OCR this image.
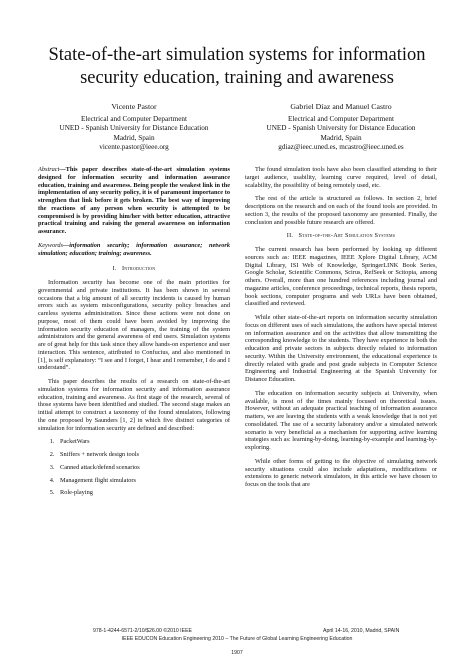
State-of-the-art simulation systems for information security education, training and awareness
Vicente Pastor
Electrical and Computer Department
UNED - Spanish University for Distance Education
Madrid, Spain
vicente.pastor@ieee.org
Gabriel Díaz and Manuel Castro
Electrical and Computer Department
UNED - Spanish University for Distance Education
Madrid, Spain
gdiaz@ieec.uned.es, mcastro@ieec.uned.es

Abstract—This paper describes state-of-the-art simulation systems designed for information security and information assurance education, training and awareness. Being people the weakest link in the implementation of any security policy, it is of paramount importance to strengthen that link before it gets broken. The best way of improving the reactions of any person when security is attempted to be compromised is by providing him/her with better education, attractive practical training and raising the general awareness on information assurance.

Keywords—information security; information assurance; network simulation; education; training; awareness.

I. Introduction

Information security has become one of the main priorities for governmental and private institutions. It has been shown in several occasions that a big amount of all security incidents is caused by human errors such as system misconfigurations, security policy breaches and careless systems administration. Since these actions were not done on purpose, most of them could have been avoided by improving the information security education of managers, the training of the system administrators and the general awareness of end users. Simulation systems are of great help for this task since they allow hands-on experience and user interaction. This sentence, attributed to Confucius, and also mentioned in [1], is self explanatory: “I see and I forget, I hear and I remember, I do and I understand”.

This paper describes the results of a research on state-of-the-art simulation systems for information security and information assurance education, training and awareness. As first stage of the research, several of those systems have been identified and studied. The second stage makes an initial attempt to construct a taxonomy of the found simulators, following the one proposed by Saunders [1, 2] in which five distinct categories of simulation for information security are defined and described:

1. PacketWars
2. Sniffers + network design tools
3. Canned attack/defend scenarios
4. Management flight simulators
5. Role-playing

The found simulation tools have also been classified attending to their target audience, usability, learning curve required, level of detail, scalability, the possibility of being remotely used, etc.

The rest of the article is structured as follows. In section 2, brief descriptions on the research and on each of the found tools are provided. In section 3, the results of the proposed taxonomy are presented. Finally, the conclusion and possible future research are offered.

II. State-of-the-Art Simulation Systems

The current research has been performed by looking up different sources such as: IEEE magazines, IEEE Xplore Digital Library, ACM Digital Library, ISI Web of Knowledge, SpringerLINK Book Series, Google Scholar, Scientific Commons, Scirus, RefSeek or Scitopia, among others. Overall, more than one hundred references including journal and magazine articles, conference proceedings, technical reports, thesis reports, book sections, computer programs and web URLs have been obtained, classified and reviewed.

While other state-of-the-art reports on information security simulation focus on different uses of such simulations, the authors have special interest on information assurance and on the activities that allow transmitting the corresponding knowledge to the students. They have experience in both the education and private sectors in subjects directly related to information security. Within the University environment, the educational experience is directly related with grade and post grade subjects in Computer Science Engineering and Industrial Engineering at the Spanish University for Distance Education.

The education on information security subjects at University, when available, is most of the times mainly focused on theoretical issues. However, without an adequate practical teaching of information assurance matters, we are leaving the students with a weak knowledge that is not yet consolidated. The use of a security laboratory and/or a simulated network scenario is very beneficial as a mechanism for supporting active learning strategies such as: learning-by-doing, learning-by-example and learning-by-exploring.

While other forms of getting to the objective of simulating network security situations could also include adaptations, modifications or extensions to generic network simulators, in this article we have chosen to focus on the tools that are

978-1-4244-6571-2/10/$26.00 ©2010 IEEE	April 14-16, 2010, Madrid, SPAIN
IEEE EDUCON Education Engineering 2010 – The Future of Global Learning Engineering Education
1907
